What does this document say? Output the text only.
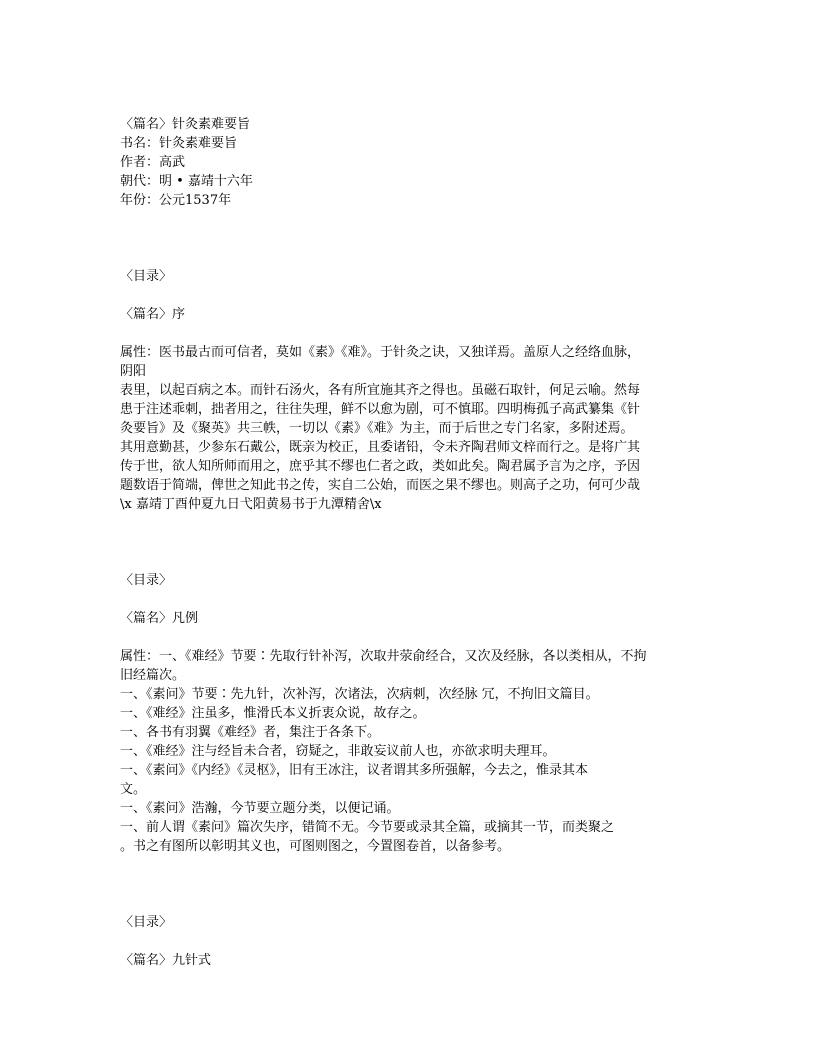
〈篇名〉针灸素难要旨
书名：针灸素难要旨
作者：高武
朝代：明 • 嘉靖十六年
年份：公元1537年
〈目录〉
〈篇名〉序
属性：医书最古而可信者，莫如《素》《难》。于针灸之诀，又独详焉。盖原人之经络血脉，
阴阳
表里，以起百病之本。而针石汤火，各有所宜施其齐之得也。虽磁石取针，何足云喻。然每
患于注述乖刺，拙者用之，往往失理，鲜不以愈为剧，可不慎耶。四明梅孤子高武纂集《针
灸要旨》及《聚英》共三帙，一切以《素》《难》为主，而于后世之专门名家，多附述焉。
其用意勤甚，少参东石戴公，既亲为校正，且委诸铅，令未齐陶君师文梓而行之。是将广其
传于世，欲人知所师而用之，庶乎其不缪也仁者之政，类如此矣。陶君属予言为之序，予因
题数语于简端，俾世之知此书之传，实自二公始，而医之果不缪也。则高子之功，何可少哉
\x 嘉靖丁酉仲夏九日弋阳黄易书于九潭精舍\x
〈目录〉
〈篇名〉凡例
属性：一、《难经》节要∶先取行针补泻，次取井荥俞经合，又次及经脉，各以类相从，不拘
旧经篇次。
一、《素问》节要∶先九针，次补泻，次诸法，次病刺，次经脉 冗，不拘旧文篇目。
一、《难经》注虽多，惟滑氏本义折衷众说，故存之。
一、各书有羽翼《难经》者，集注于各条下。
一、《难经》注与经旨未合者，窃疑之，非敢妄议前人也，亦欲求明夫理耳。
一、《素问》《内经》《灵枢》，旧有王冰注，议者谓其多所强解，今去之，惟录其本
文。
一、《素问》浩瀚，今节要立题分类，以便记诵。
一、前人谓《素问》篇次失序，错简不无。今节要或录其全篇，或摘其一节，而类聚之
。书之有图所以彰明其义也，可图则图之，今置图卷首，以备参考。
〈目录〉
〈篇名〉九针式
